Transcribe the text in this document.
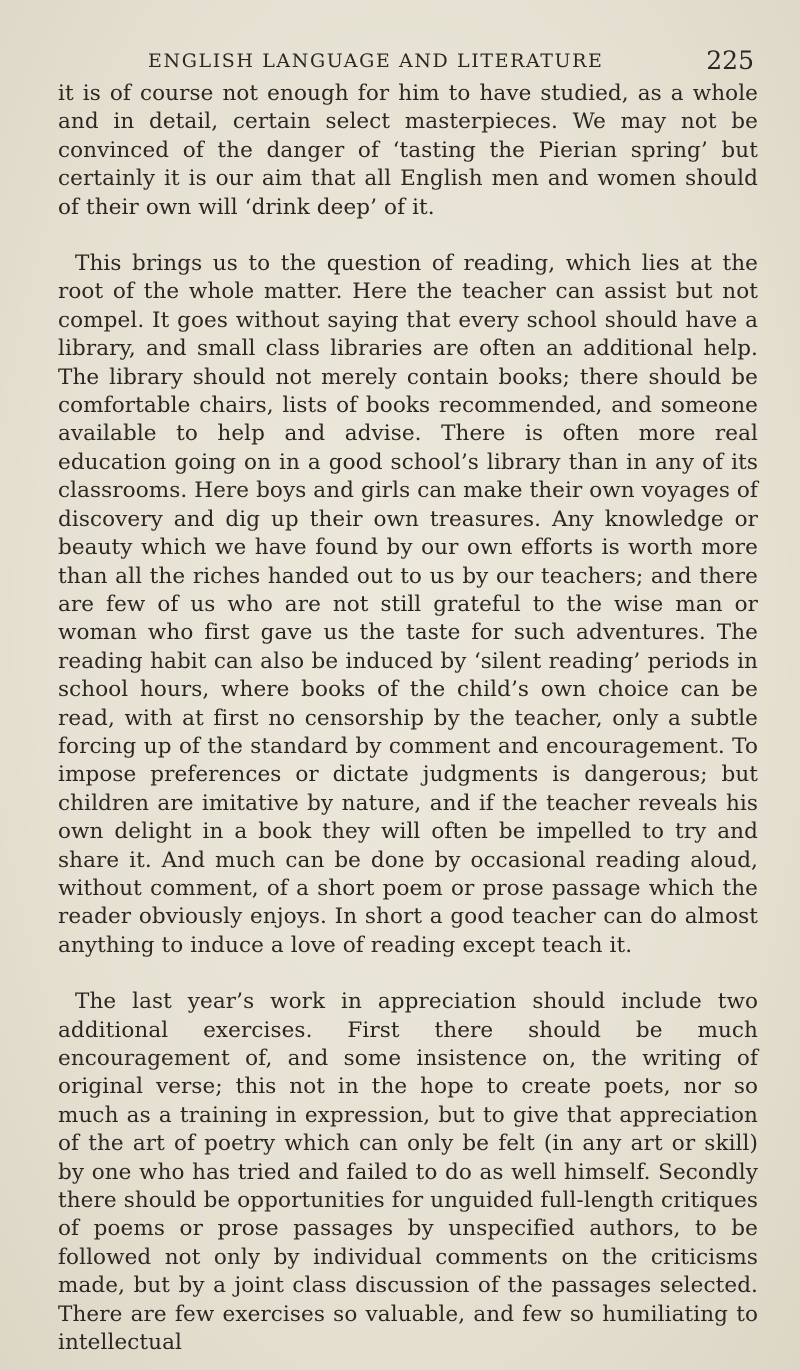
ENGLISH LANGUAGE AND LITERATURE	225

it is of course not enough for him to have studied, as a whole and in detail, certain select masterpieces. We may not be convinced of the danger of ‘tasting the Pierian spring’ but certainly it is our aim that all English men and women should of their own will ‘drink deep’ of it.

This brings us to the question of reading, which lies at the root of the whole matter. Here the teacher can assist but not compel. It goes without saying that every school should have a library, and small class libraries are often an additional help. The library should not merely contain books; there should be comfortable chairs, lists of books recommended, and someone available to help and advise. There is often more real education going on in a good school’s library than in any of its classrooms. Here boys and girls can make their own voyages of discovery and dig up their own treasures. Any knowledge or beauty which we have found by our own efforts is worth more than all the riches handed out to us by our teachers; and there are few of us who are not still grateful to the wise man or woman who first gave us the taste for such adventures. The reading habit can also be induced by ‘silent reading’ periods in school hours, where books of the child’s own choice can be read, with at first no censorship by the teacher, only a subtle forcing up of the standard by comment and encouragement. To impose preferences or dictate judgments is dangerous; but children are imitative by nature, and if the teacher reveals his own delight in a book they will often be impelled to try and share it. And much can be done by occasional reading aloud, without comment, of a short poem or prose passage which the reader obviously enjoys. In short a good teacher can do almost anything to induce a love of reading except teach it.

The last year’s work in appreciation should include two additional exercises. First there should be much encouragement of, and some insistence on, the writing of original verse; this not in the hope to create poets, nor so much as a training in expression, but to give that appreciation of the art of poetry which can only be felt (in any art or skill) by one who has tried and failed to do as well himself. Secondly there should be opportunities for unguided full-length critiques of poems or prose passages by unspecified authors, to be followed not only by individual comments on the criticisms made, but by a joint class discussion of the passages selected. There are few exercises so valuable, and few so humiliating to intellectual
